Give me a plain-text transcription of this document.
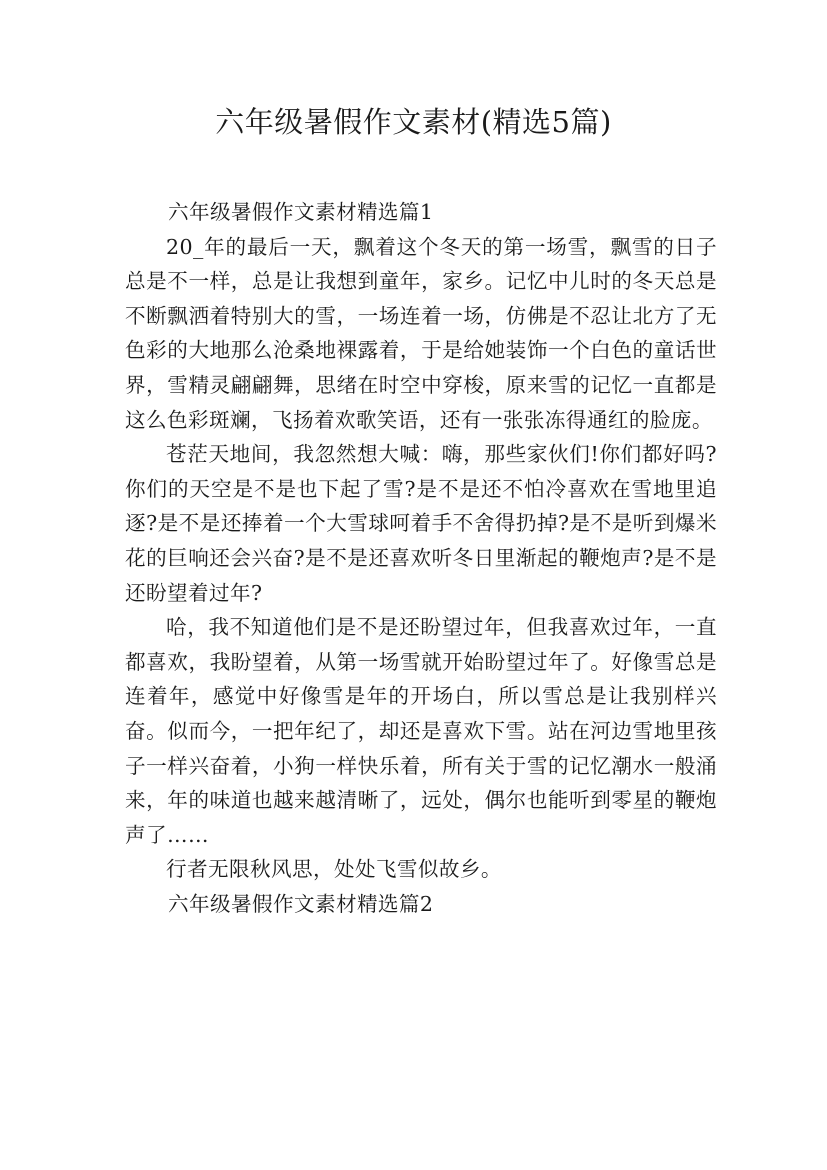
六年级暑假作文素材(精选5篇)

六年级暑假作文素材精选篇1

20_年的最后一天，飘着这个冬天的第一场雪，飘雪的日子总是不一样，总是让我想到童年，家乡。记忆中儿时的冬天总是不断飘洒着特别大的雪，一场连着一场，仿佛是不忍让北方了无色彩的大地那么沧桑地裸露着，于是给她装饰一个白色的童话世界，雪精灵翩翩舞，思绪在时空中穿梭，原来雪的记忆一直都是这么色彩斑斓，飞扬着欢歌笑语，还有一张张冻得通红的脸庞。

苍茫天地间，我忽然想大喊：嗨，那些家伙们!你们都好吗?你们的天空是不是也下起了雪?是不是还不怕冷喜欢在雪地里追逐?是不是还捧着一个大雪球呵着手不舍得扔掉?是不是听到爆米花的巨响还会兴奋?是不是还喜欢听冬日里渐起的鞭炮声?是不是还盼望着过年?

哈，我不知道他们是不是还盼望过年，但我喜欢过年，一直都喜欢，我盼望着，从第一场雪就开始盼望过年了。好像雪总是连着年，感觉中好像雪是年的开场白，所以雪总是让我别样兴奋。似而今，一把年纪了，却还是喜欢下雪。站在河边雪地里孩子一样兴奋着，小狗一样快乐着，所有关于雪的记忆潮水一般涌来，年的味道也越来越清晰了，远处，偶尔也能听到零星的鞭炮声了……

行者无限秋风思，处处飞雪似故乡。

六年级暑假作文素材精选篇2
